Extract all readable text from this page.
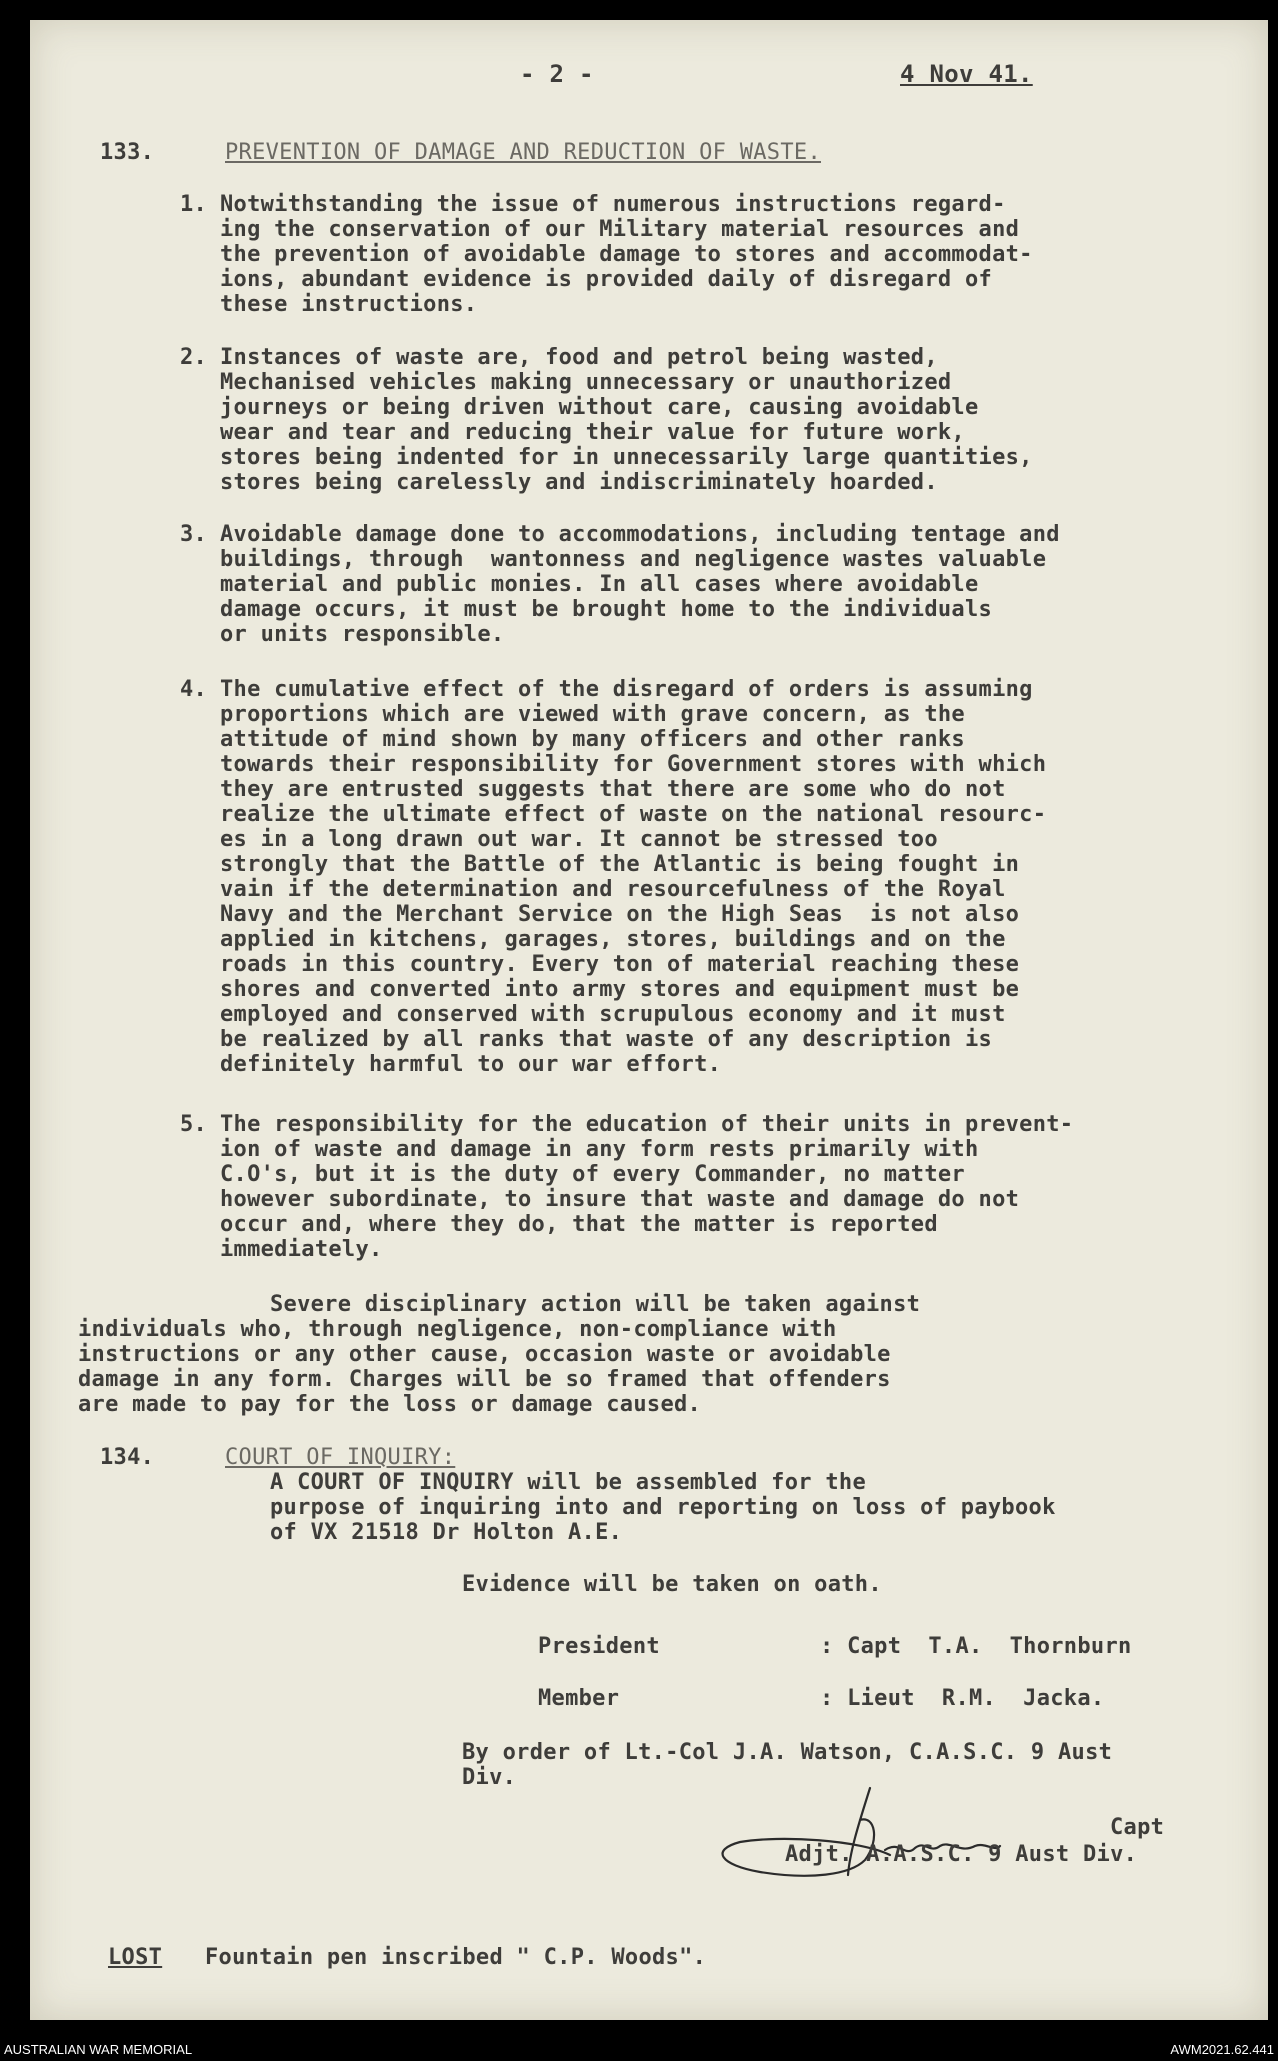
- 2 -	4 Nov 41.
133.	PREVENTION OF DAMAGE AND REDUCTION OF WASTE.
1. Notwithstanding the issue of numerous instructions regard-
ing the conservation of our Military material resources and
the prevention of avoidable damage to stores and accommodat-
ions, abundant evidence is provided daily of disregard of
these instructions.
2. Instances of waste are, food and petrol being wasted,
Mechanised vehicles making unnecessary or unauthorized
journeys or being driven without care, causing avoidable
wear and tear and reducing their value for future work,
stores being indented for in unnecessarily large quantities,
stores being carelessly and indiscriminately hoarded.
3. Avoidable damage done to accommodations, including tentage and
buildings, through  wantonness and negligence wastes valuable
material and public monies. In all cases where avoidable
damage occurs, it must be brought home to the individuals
or units responsible.
4. The cumulative effect of the disregard of orders is assuming
proportions which are viewed with grave concern, as the
attitude of mind shown by many officers and other ranks
towards their responsibility for Government stores with which
they are entrusted suggests that there are some who do not
realize the ultimate effect of waste on the national resourc-
es in a long drawn out war. It cannot be stressed too
strongly that the Battle of the Atlantic is being fought in
vain if the determination and resourcefulness of the Royal
Navy and the Merchant Service on the High Seas  is not also
applied in kitchens, garages, stores, buildings and on the
roads in this country. Every ton of material reaching these
shores and converted into army stores and equipment must be
employed and conserved with scrupulous economy and it must
be realized by all ranks that waste of any description is
definitely harmful to our war effort.
5. The responsibility for the education of their units in prevent-
ion of waste and damage in any form rests primarily with
C.O's, but it is the duty of every Commander, no matter
however subordinate, to insure that waste and damage do not
occur and, where they do, that the matter is reported
immediately.
Severe disciplinary action will be taken against
individuals who, through negligence, non-compliance with
instructions or any other cause, occasion waste or avoidable
damage in any form. Charges will be so framed that offenders
are made to pay for the loss or damage caused.
134.	COURT OF INQUIRY:
A COURT OF INQUIRY will be assembled for the
purpose of inquiring into and reporting on loss of paybook
of VX 21518 Dr Holton A.E.
Evidence will be taken on oath.
President	: Capt  T.A.  Thornburn
Member	: Lieut  R.M.  Jacka.
By order of Lt.-Col J.A. Watson, C.A.S.C. 9 Aust
Div.
Capt
Adjt. A.A.S.C. 9 Aust Div.
LOST Fountain pen inscribed " C.P. Woods".
AUSTRALIAN WAR MEMORIAL	AWM2021.62.441
